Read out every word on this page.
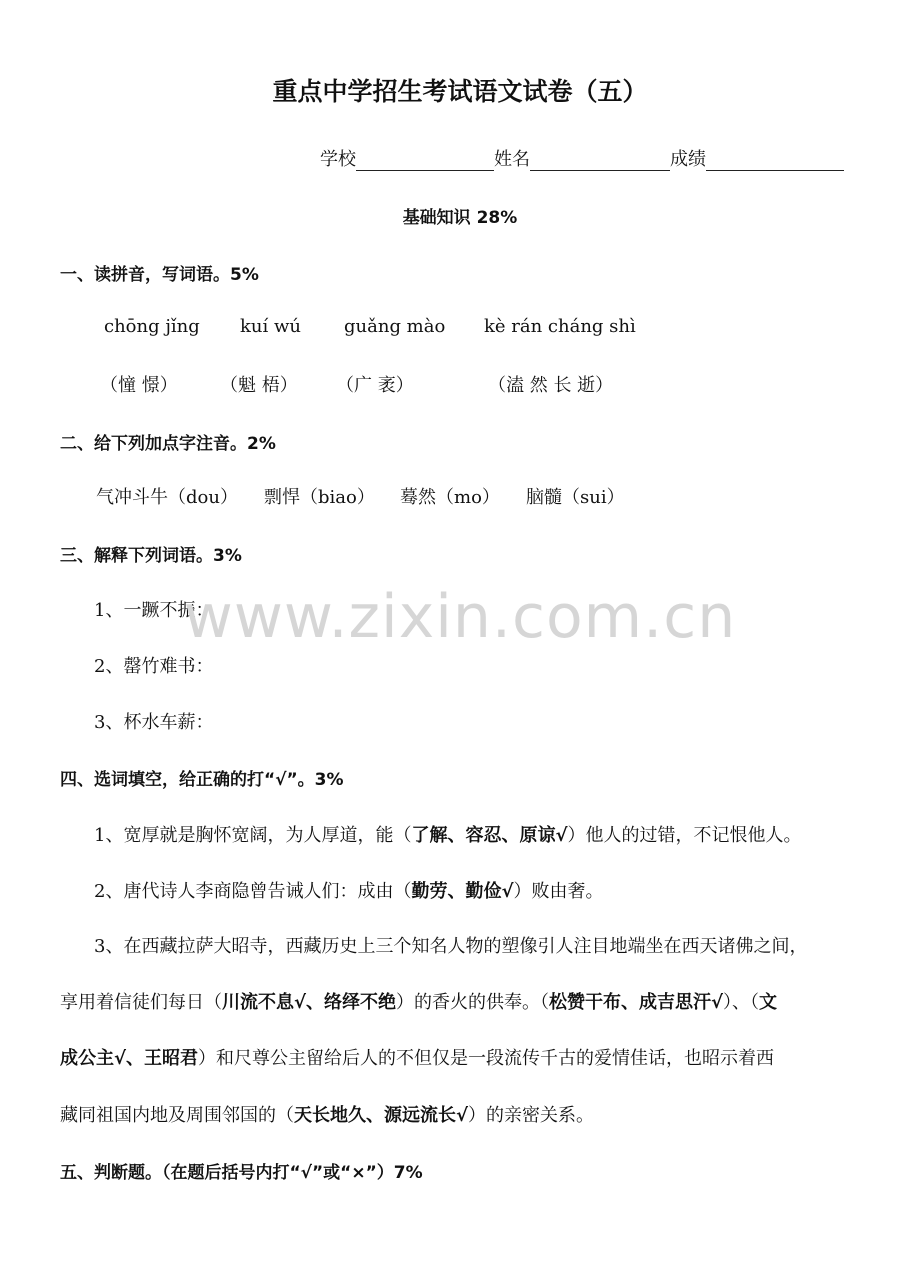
重点中学招生考试语文试卷（五）
学校	姓名	成绩
基础知识 28%
一、读拼音，写词语。5%
chōng jǐng kuí wú guǎng mào kè rán cháng shì
（憧 憬） （魁 梧） （广 袤）	（溘 然 长 逝）
二、给下列加点字注音。2%
气冲斗牛（dou） 剽悍（biao） 蓦然（mo） 脑髓（sui）
三、解释下列词语。3%
1、一蹶不振：
2、罄竹难书：
3、杯水车薪：
四、选词填空，给正确的打“√”。3%
1、宽厚就是胸怀宽阔，为人厚道，能（了解、容忍、原谅√）他人的过错，不记恨他人。
2、唐代诗人李商隐曾告诫人们：成由（勤劳、勤俭√）败由奢。
3、在西藏拉萨大昭寺，西藏历史上三个知名人物的塑像引人注目地端坐在西天诸佛之间，
享用着信徒们每日（川流不息√、络绎不绝）的香火的供奉。（松赞干布、成吉思汗√）、（文
成公主√、王昭君）和尺尊公主留给后人的不但仅是一段流传千古的爱情佳话，也昭示着西
藏同祖国内地及周围邻国的（天长地久、源远流长√）的亲密关系。
五、判断题。（在题后括号内打“√”或“×”）7%
www.zixin.com.cn
